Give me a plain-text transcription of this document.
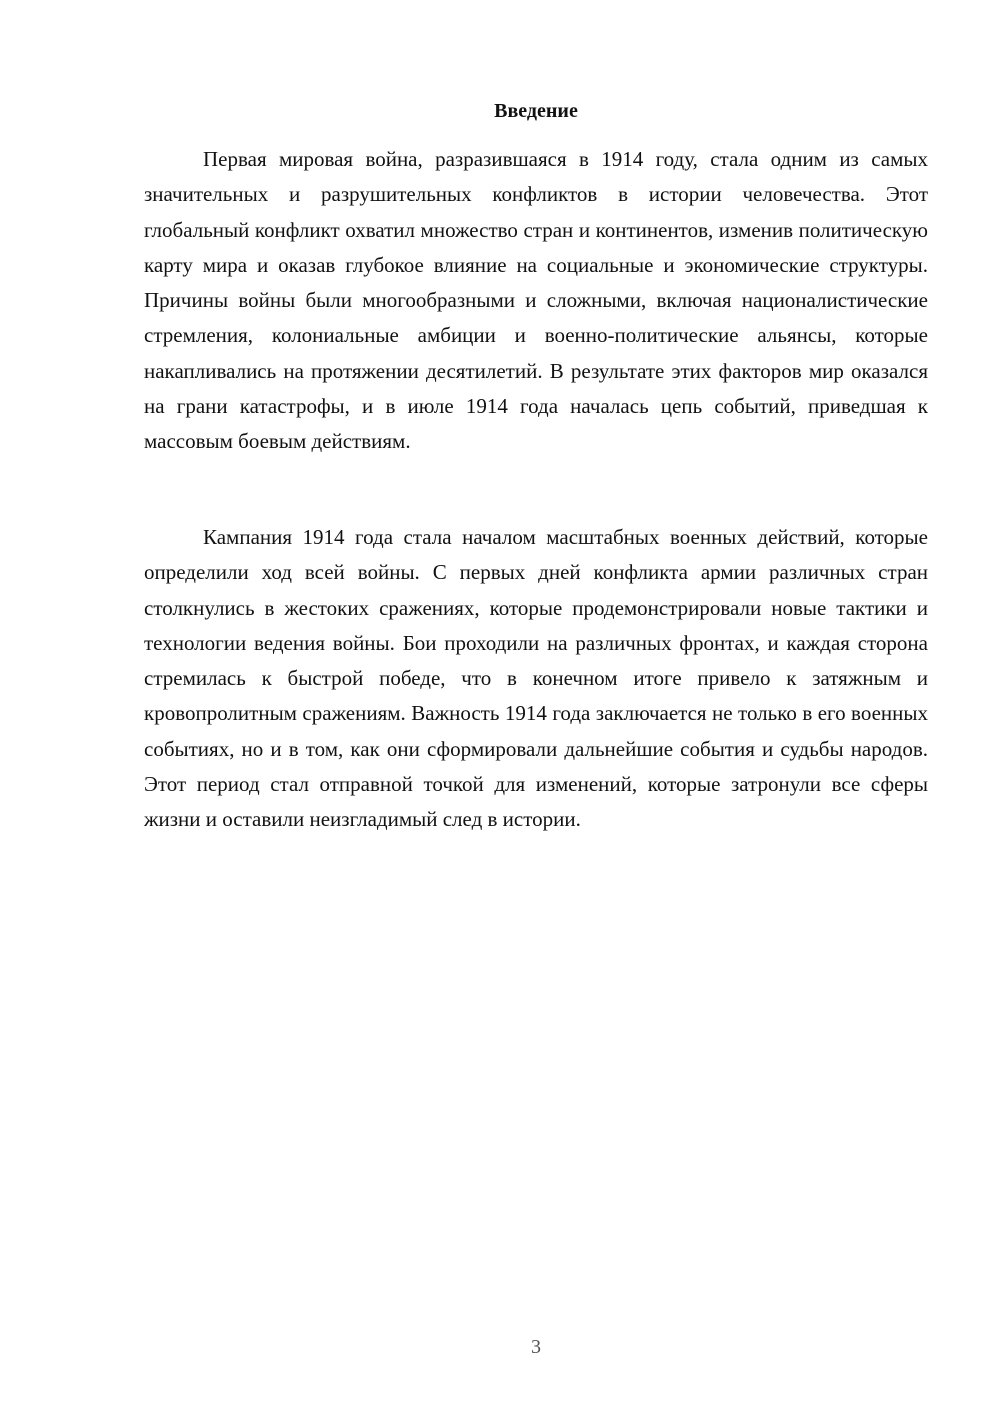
Введение

Первая мировая война, разразившаяся в 1914 году, стала одним из самых значительных и разрушительных конфликтов в истории человечества. Этот глобальный конфликт охватил множество стран и континентов, изменив политическую карту мира и оказав глубокое влияние на социальные и экономические структуры. Причины войны были многообразными и сложными, включая националистические стремления, колониальные амбиции и военно-политические альянсы, которые накапливались на протяжении десятилетий. В результате этих факторов мир оказался на грани катастрофы, и в июле 1914 года началась цепь событий, приведшая к массовым боевым действиям.

Кампания 1914 года стала началом масштабных военных действий, которые определили ход всей войны. С первых дней конфликта армии различных стран столкнулись в жестоких сражениях, которые продемонстрировали новые тактики и технологии ведения войны. Бои проходили на различных фронтах, и каждая сторона стремилась к быстрой победе, что в конечном итоге привело к затяжным и кровопролитным сражениям. Важность 1914 года заключается не только в его военных событиях, но и в том, как они сформировали дальнейшие события и судьбы народов. Этот период стал отправной точкой для изменений, которые затронули все сферы жизни и оставили неизгладимый след в истории.

3
